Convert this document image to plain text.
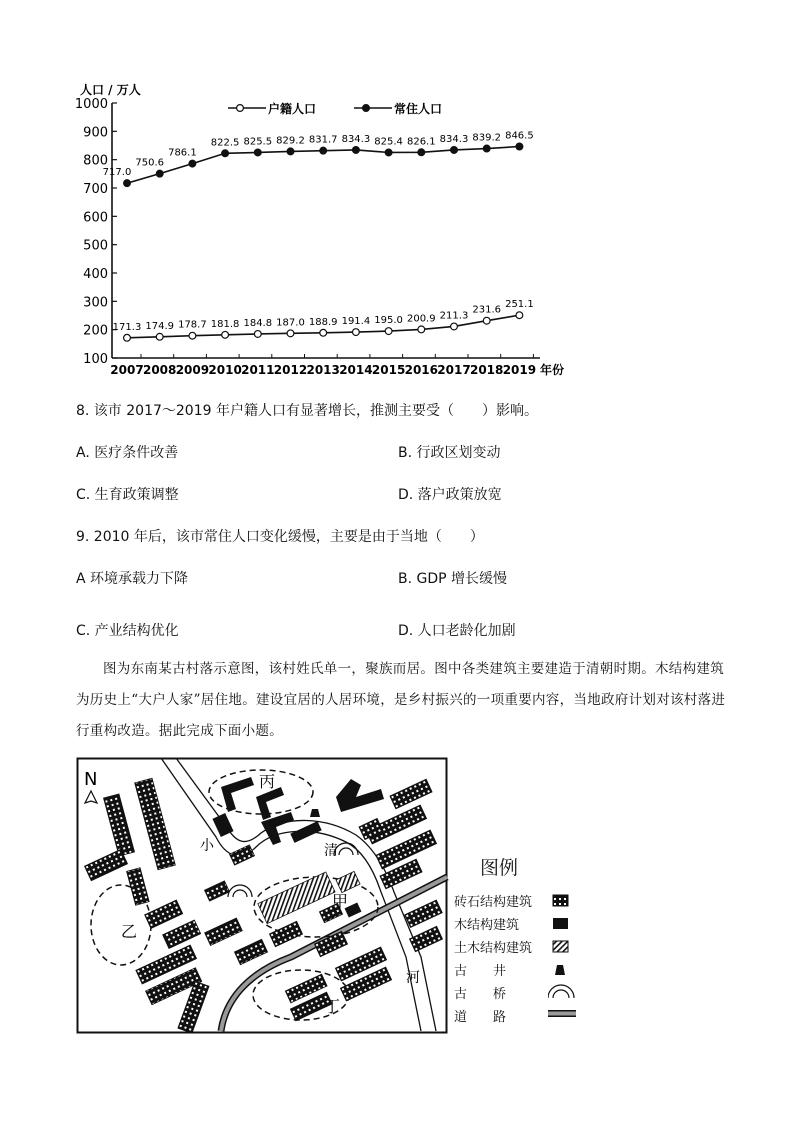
100
200
300
400
500
600
700
800
900
1000
2007 2008 2009 2010 2011 2012 2013 2014 2015 2016 2017 2018 2019 年份
人口 / 万人
171.3 174.9 178.7 181.8 184.8 187.0 188.9 191.4 195.0 200.9 211.3
231.6
251.1
717.0
750.6
786.1
822.5 825.5 829.2 831.7 834.3 825.4 826.1 834.3 839.2 846.5
户籍人口	常住人口
8. 该市 2017～2019 年户籍人口有显著增长，推测主要受（　　）影响。
A. 医疗条件改善	B. 行政区划变动
C. 生育政策调整	D. 落户政策放宽
9. 2010 年后，该市常住人口变化缓慢，主要是由于当地（　　）
A 环境承载力下降	B. GDP 增长缓慢
C. 产业结构优化	D. 人口老龄化加剧
图为东南某古村落示意图，该村姓氏单一，聚族而居。图中各类建筑主要建造于清朝时期。木结构建筑为历史上“大户人家”居住地。建设宜居的人居环境，是乡村振兴的一项重要内容，当地政府计划对该村落进行重构改造。据此完成下面小题。
N	丙
甲
乙
丁
小	清
河
图例
砖石结构建筑
木结构建筑
土木结构建筑
古　　井
古　　桥
道　　路
